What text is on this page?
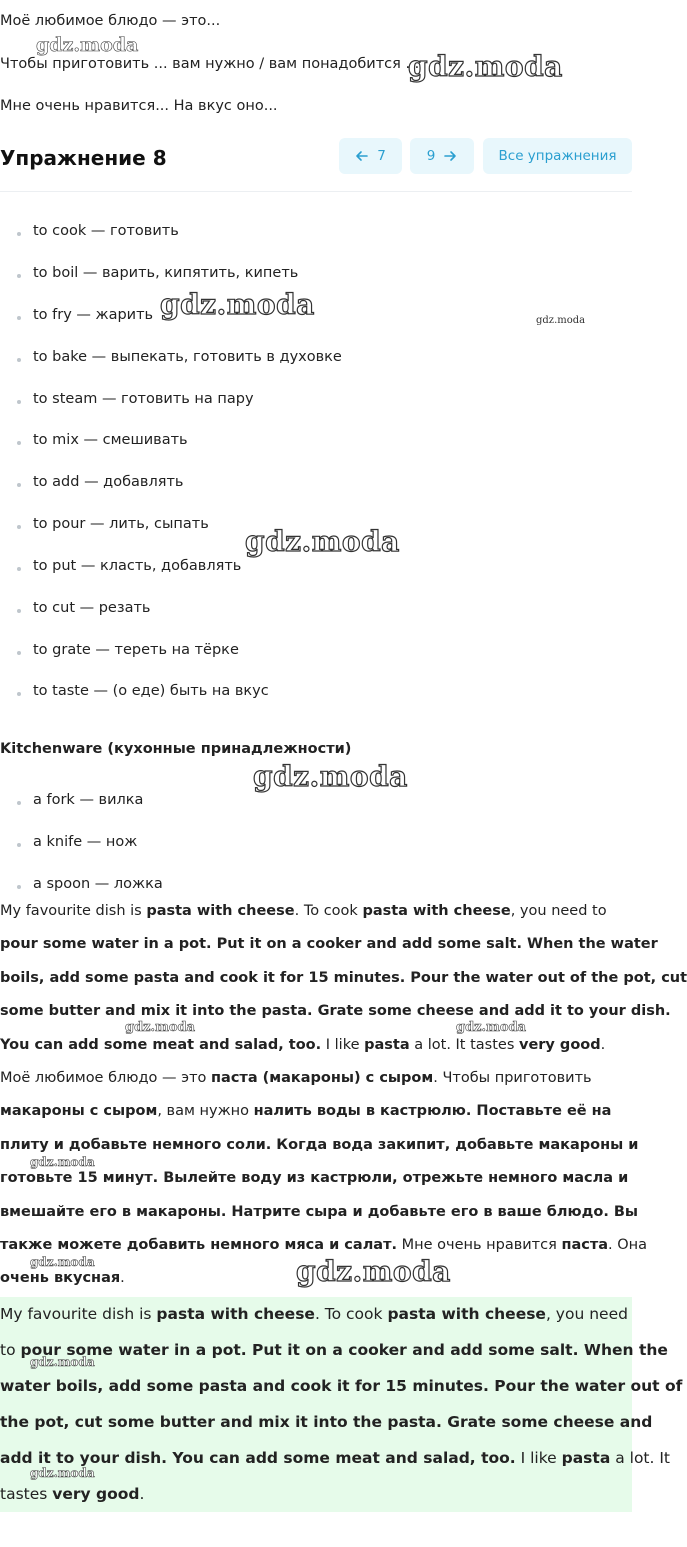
Моё любимое блюдо — это...
Чтобы приготовить ... вам нужно / вам понадобится ...
Мне очень нравится... На вкус оно...
Упражнение 8	7	9	Все упражнения
to cook — готовить
to boil — варить, кипятить, кипеть
to fry — жарить
to bake — выпекать, готовить в духовке
to steam — готовить на пару
to mix — смешивать
to add — добавлять
to pour — лить, сыпать
to put — класть, добавлять
to cut — резать
to grate — тереть на тёрке
to taste — (о еде) быть на вкус
Kitchenware (кухонные принадлежности)
a fork — вилка
a knife — нож
a spoon — ложка
My favourite dish is pasta with cheese. To cook pasta with cheese, you need to
pour some water in a pot. Put it on a cooker and add some salt. When the water
boils, add some pasta and cook it for 15 minutes. Pour the water out of the pot, cut
some butter and mix it into the pasta. Grate some cheese and add it to your dish.
You can add some meat and salad, too. I like pasta a lot. It tastes very good.
Моё любимое блюдо — это паста (макароны) с сыром. Чтобы приготовить
макароны с сыром, вам нужно налить воды в кастрюлю. Поставьте её на
плиту и добавьте немного соли. Когда вода закипит, добавьте макароны и
готовьте 15 минут. Вылейте воду из кастрюли, отрежьте немного масла и
вмешайте его в макароны. Натрите сыра и добавьте его в ваше блюдо. Вы
также можете добавить немного мяса и салат. Мне очень нравится паста. Она
очень вкусная.
My favourite dish is pasta with cheese. To cook pasta with cheese, you need
to pour some water in a pot. Put it on a cooker and add some salt. When the
water boils, add some pasta and cook it for 15 minutes. Pour the water out of
the pot, cut some butter and mix it into the pasta. Grate some cheese and
add it to your dish. You can add some meat and salad, too. I like pasta a lot. It
tastes very good.
gdz.moda
gdz.moda
gdz.moda	gdz.moda
gdz.moda
gdz.moda
gdz.moda	gdz.moda
gdz.moda
gdz.moda	gdz.moda
gdz.moda
gdz.moda
